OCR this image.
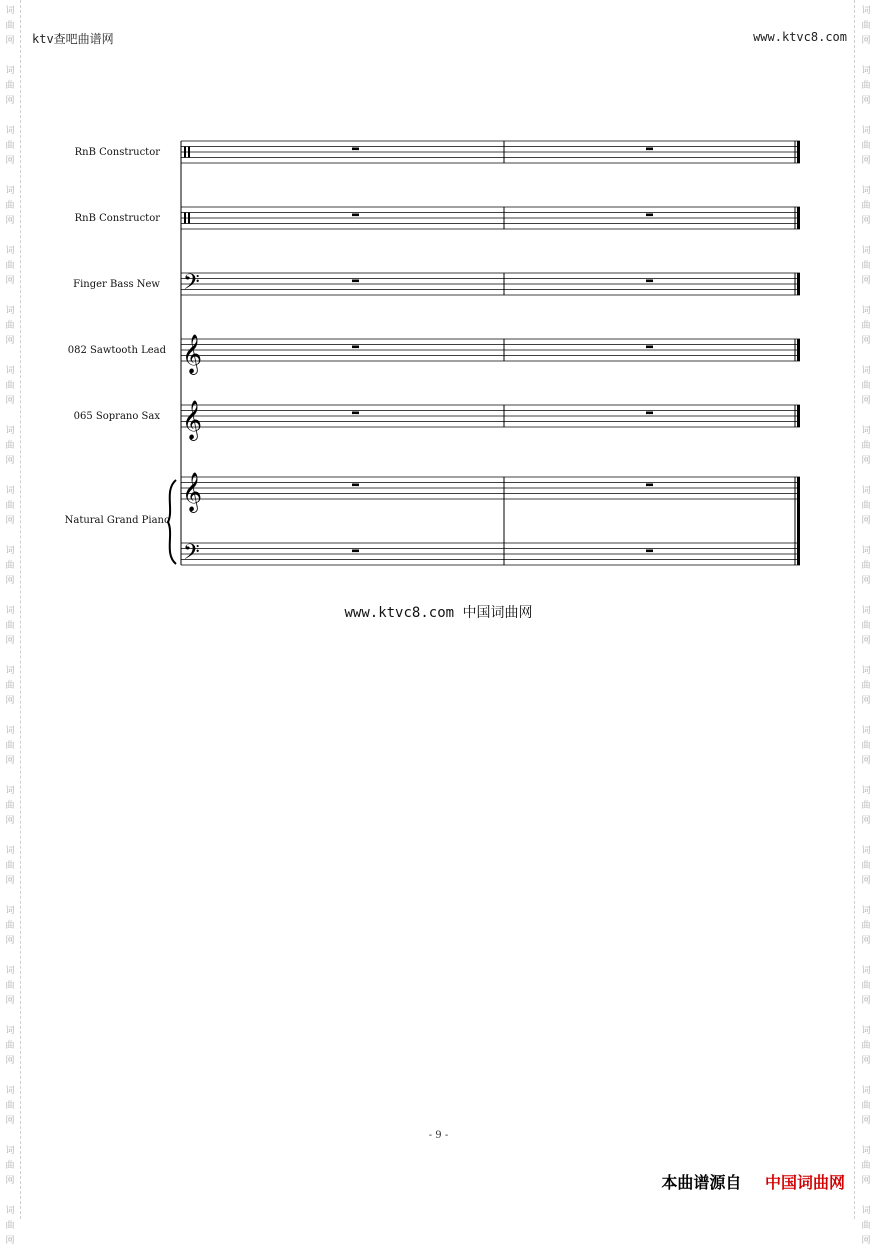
词
曲
网
词
曲
网
词
曲
网
词
曲
网
词
曲
网
词
曲
网
词
曲
网
词
曲
网
词
曲
网
词
曲
网
词
曲
网
词
曲
网
词
曲
网
词
曲
网
词
曲
网
词
曲
网
词
曲
网
词
曲
网
词
曲
网
词
曲
网
词
曲
网
词
曲
网
词
曲
网
词
曲
网
词
曲
网
词
曲
网
词
曲
网
词
曲
网
词
曲
网
词
曲
网
词
曲
网
词
曲
网
词
曲
网
词
曲
网
词
曲
网
词
曲
网
词
曲
网
词
曲
网
词
曲
网
词
曲
网
词
曲
网
词
曲
网
ktv查吧曲谱网	www.ktvc8.com
RnB Constructor
RnB Constructor
Finger Bass New
082 Sawtooth Lead
065 Soprano Sax
Natural Grand Piano
𝄢
𝄞
𝄞
𝄞
𝄢
www.ktvc8.com 中国词曲网
- 9 -
本曲谱源自 中国词曲网
